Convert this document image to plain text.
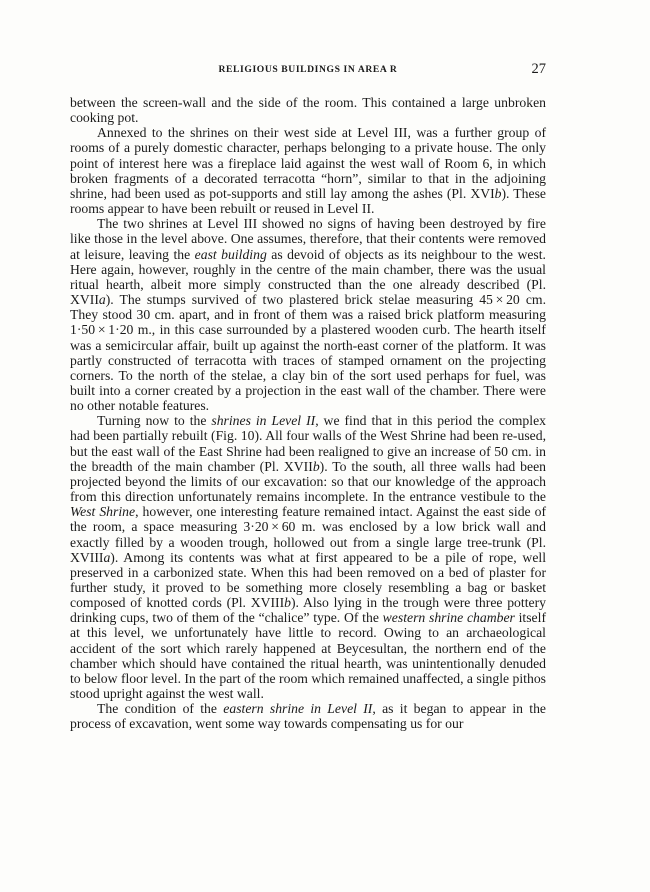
RELIGIOUS BUILDINGS IN AREA R	27

between the screen-wall and the side of the room. This contained a large unbroken cooking pot.

Annexed to the shrines on their west side at Level III, was a further group of rooms of a purely domestic character, perhaps belonging to a private house. The only point of interest here was a fireplace laid against the west wall of Room 6, in which broken fragments of a decorated terracotta “horn”, similar to that in the adjoining shrine, had been used as pot-supports and still lay among the ashes (Pl. XVIb). These rooms appear to have been rebuilt or reused in Level II.

The two shrines at Level III showed no signs of having been destroyed by fire like those in the level above. One assumes, therefore, that their contents were removed at leisure, leaving the east building as devoid of objects as its neighbour to the west. Here again, however, roughly in the centre of the main chamber, there was the usual ritual hearth, albeit more simply constructed than the one already described (Pl. XVIIa). The stumps survived of two plastered brick stelae measuring 45 × 20 cm. They stood 30 cm. apart, and in front of them was a raised brick platform measuring 1·50 × 1·20 m., in this case surrounded by a plastered wooden curb. The hearth itself was a semicircular affair, built up against the north-east corner of the platform. It was partly constructed of terracotta with traces of stamped ornament on the projecting corners. To the north of the stelae, a clay bin of the sort used perhaps for fuel, was built into a corner created by a projection in the east wall of the chamber. There were no other notable features.

Turning now to the shrines in Level II, we find that in this period the complex had been partially rebuilt (Fig. 10). All four walls of the West Shrine had been re-used, but the east wall of the East Shrine had been realigned to give an increase of 50 cm. in the breadth of the main chamber (Pl. XVIIb). To the south, all three walls had been projected beyond the limits of our excavation: so that our knowledge of the approach from this direction unfortunately remains incomplete. In the entrance vestibule to the West Shrine, however, one interesting feature remained intact. Against the east side of the room, a space measuring 3·20 × 60 m. was enclosed by a low brick wall and exactly filled by a wooden trough, hollowed out from a single large tree-trunk (Pl. XVIIIa). Among its contents was what at first appeared to be a pile of rope, well preserved in a carbonized state. When this had been removed on a bed of plaster for further study, it proved to be something more closely resembling a bag or basket composed of knotted cords (Pl. XVIIIb). Also lying in the trough were three pottery drinking cups, two of them of the “chalice” type. Of the western shrine chamber itself at this level, we unfortunately have little to record. Owing to an archaeological accident of the sort which rarely happened at Beycesultan, the northern end of the chamber which should have contained the ritual hearth, was unintentionally denuded to below floor level. In the part of the room which remained unaffected, a single pithos stood upright against the west wall.

The condition of the eastern shrine in Level II, as it began to appear in the process of excavation, went some way towards compensating us for our
